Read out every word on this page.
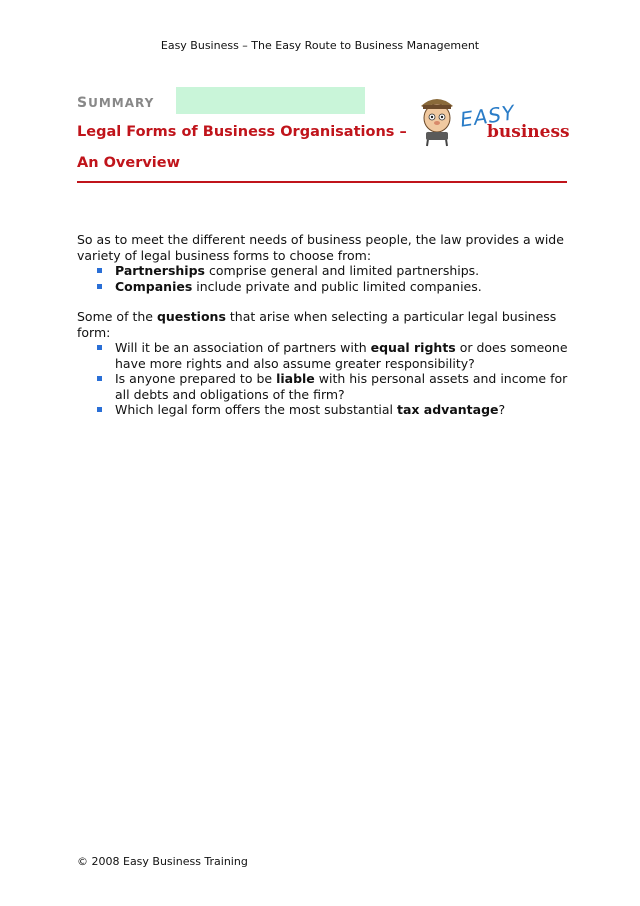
Easy Business – The Easy Route to Business Management
SUMMARY
Legal Forms of Business Organisations –
An Overview
EASY
business
So as to meet the different needs of business people, the law provides a wide variety of legal business forms to choose from:
Partnerships comprise general and limited partnerships.
Companies include private and public limited companies.
Some of the questions that arise when selecting a particular legal business form:
Will it be an association of partners with equal rights or does someone have more rights and also assume greater responsibility?
Is anyone prepared to be liable with his personal assets and income for all debts and obligations of the firm?
Which legal form offers the most substantial tax advantage?
© 2008 Easy Business Training
